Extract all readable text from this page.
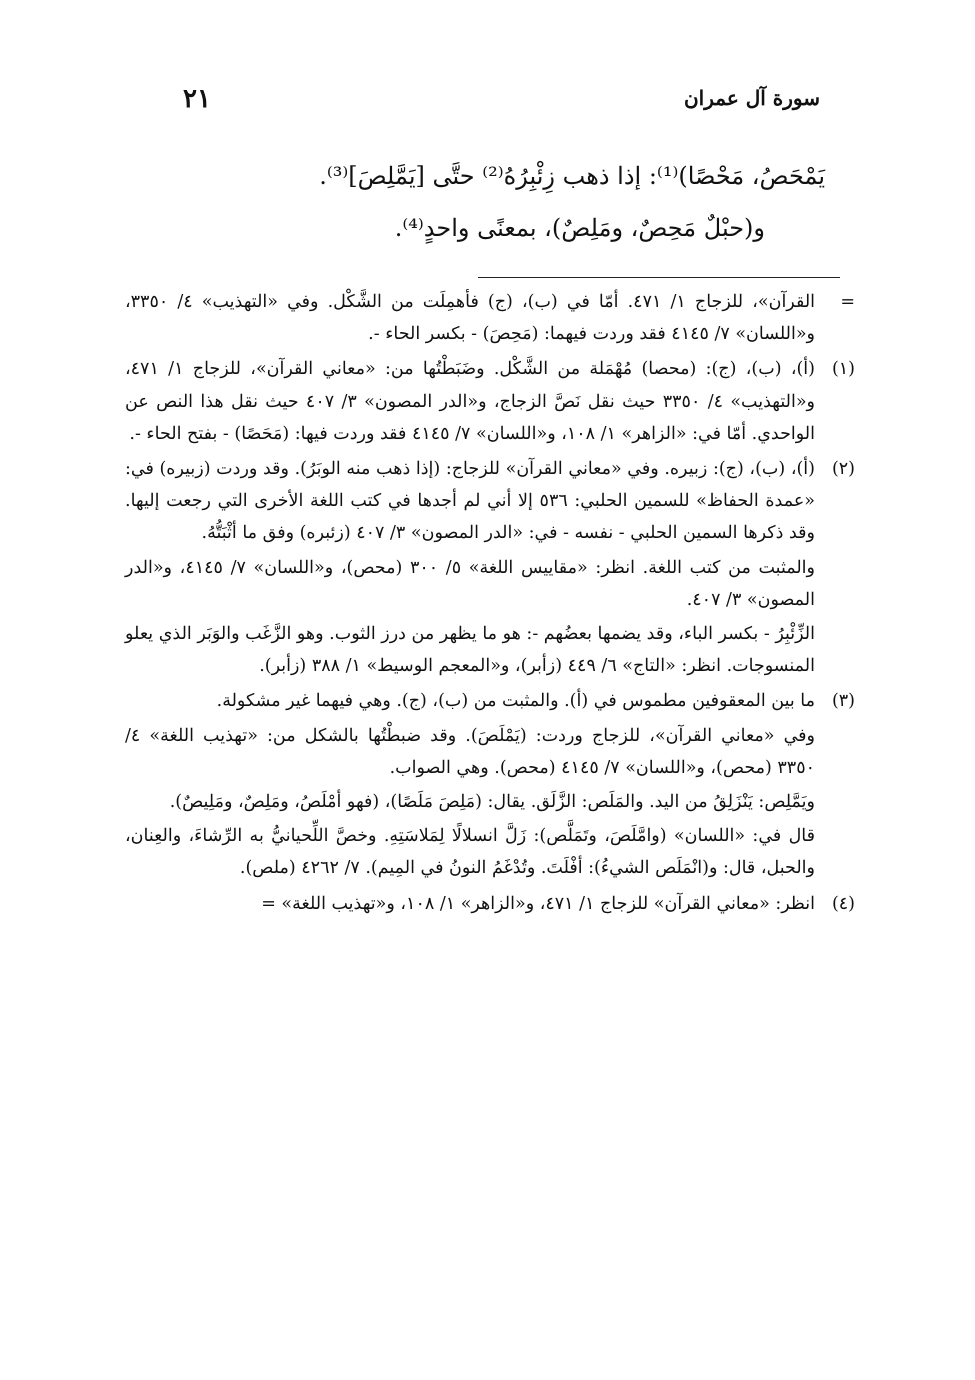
سورة آل عمران
٢١
يَمْحَصُ، مَحْصًا)⁽¹⁾: إذا ذهب زِئْبِرُهُ⁽²⁾ حتَّى [يَمَّلِصَ]⁽³⁾.
و(حبْلٌ مَحِصٌ، ومَلِصٌ)، بمعنًى واحدٍ⁽⁴⁾.
=

القرآن»، للزجاج ١/ ٤٧١. أمّا في (ب)، (ج) فأهمِلَت من الشَّكْل. وفي «التهذيب» ٤/ ٣٣٥٠، و«اللسان» ٧/ ٤١٤٥ فقد وردت فيهما: (مَحِصَ) - بكسر الحاء -.

(١)

(أ)، (ب)، (ج): (محصا) مُهْمَلة من الشَّكْل. وضَبَطْتُها من: «معاني القرآن»، للزجاج ١/ ٤٧١، و«التهذيب» ٤/ ٣٣٥٠ حيث نقل نَصَّ الزجاج، و«الدر المصون» ٣/ ٤٠٧ حيث نقل هذا النص عن الواحدي. أمّا في: «الزاهر» ١/ ١٠٨، و«اللسان» ٧/ ٤١٤٥ فقد وردت فيها: (مَحَصًا) - بفتح الحاء -.

(٢)

(أ)، (ب)، (ج): زبيره. وفي «معاني القرآن» للزجاج: (إذا ذهب منه الوبَرُ). وقد وردت (زبيره) في: «عمدة الحفاظ» للسمين الحلبي: ٥٣٦ إلا أني لم أجدها في كتب اللغة الأخرى التي رجعت إليها. وقد ذكرها السمين الحلبي - نفسه - في: «الدر المصون» ٣/ ٤٠٧ (زئبره) وفق ما أثْبَتُّهُ.

والمثبت من كتب اللغة. انظر: «مقاييس اللغة» ٥/ ٣٠٠ (محص)، و«اللسان» ٧/ ٤١٤٥، و«الدر المصون» ٣/ ٤٠٧.

الزِّئْبِرُ - بكسر الباء، وقد يضمها بعضُهم -: هو ما يظهر من درز الثوب. وهو الزَّغَب والوَبَر الذي يعلو المنسوجات. انظر: «التاج» ٦/ ٤٤٩ (زأبر)، و«المعجم الوسيط» ١/ ٣٨٨ (زأبر).

(٣)

ما بين المعقوفين مطموس في (أ). والمثبت من (ب)، (ج). وهي فيهما غير مشكولة.

وفي «معاني القرآن»، للزجاج وردت: (يَمْلَصَ). وقد ضبطْتُها بالشكل من: «تهذيب اللغة» ٤/ ٣٣٥٠ (محص)، و«اللسان» ٧/ ٤١٤٥ (محص). وهي الصواب.

ويَمَّلِص: يَنْزَلِقُ من اليد. والمَلَص: الزَّلَق. يقال: (مَلِصَ مَلَصًا)، (فهو أمْلَصُ، ومَلِصٌ، ومَلِيصٌ).

قال في: «اللسان» (وامَّلَصَ، وتَمَلَّص): زَلَّ انسلالًا لِمَلاسَتِهِ. وخصَّ اللِّحيانيُّ به الرِّشاءَ، والعِنان، والحبل، قال: و(انْمَلَص الشيءُ): أفْلَتَ. وتُدْغَمُ النونُ في المِيم). ٧/ ٤٢٦٢ (ملص).

(٤)

انظر: «معاني القرآن» للزجاج ١/ ٤٧١، و«الزاهر» ١/ ١٠٨، و«تهذيب اللغة» =
